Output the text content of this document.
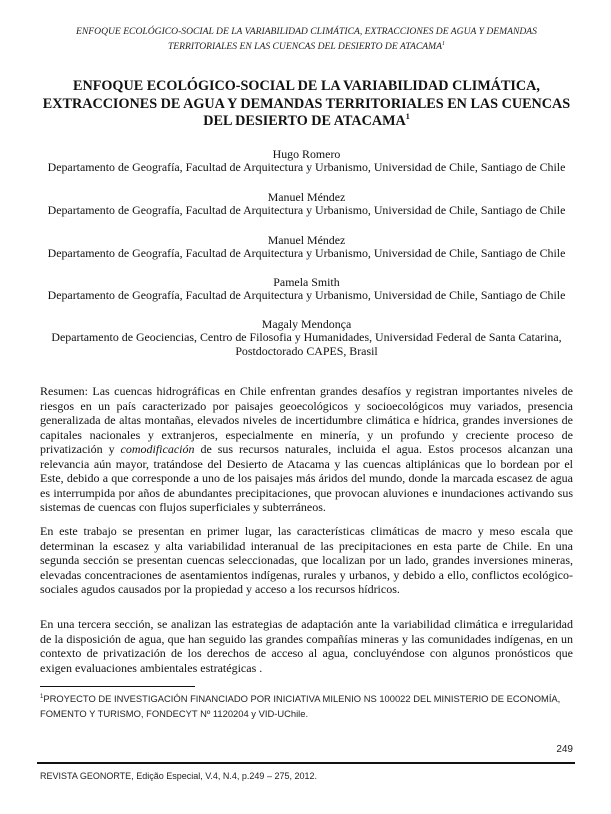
ENFOQUE ECOLÓGICO-SOCIAL DE LA VARIABILIDAD CLIMÁTICA, EXTRACCIONES DE AGUA Y DEMANDAS
TERRITORIALES EN LAS CUENCAS DEL DESIERTO DE ATACAMA$^1$
ENFOQUE ECOLÓGICO-SOCIAL DE LA VARIABILIDAD CLIMÁTICA, EXTRACCIONES DE AGUA Y DEMANDAS TERRITORIALES EN LAS CUENCAS DEL DESIERTO DE ATACAMA$^1$
Hugo Romero
Departamento de Geografía, Facultad de Arquitectura y Urbanismo, Universidad de Chile, Santiago de Chile
Manuel Méndez
Departamento de Geografía, Facultad de Arquitectura y Urbanismo, Universidad de Chile, Santiago de Chile
Manuel Méndez
Departamento de Geografía, Facultad de Arquitectura y Urbanismo, Universidad de Chile, Santiago de Chile
Pamela Smith
Departamento de Geografía, Facultad de Arquitectura y Urbanismo, Universidad de Chile, Santiago de Chile
Magaly Mendonça
Departamento de Geociencias, Centro de Filosofia y Humanidades, Universidad Federal de Santa Catarina,
Postdoctorado CAPES, Brasil

Resumen: Las cuencas hidrográficas en Chile enfrentan grandes desafíos y registran importantes niveles de riesgos en un país caracterizado por paisajes geoecológicos y socioecológicos muy variados, presencia generalizada de altas montañas, elevados niveles de incertidumbre climática e hídrica, grandes inversiones de capitales nacionales y extranjeros, especialmente en minería, y un profundo y creciente proceso de privatización y comodificación de sus recursos naturales, incluida el agua. Estos procesos alcanzan una relevancia aún mayor, tratándose del Desierto de Atacama y las cuencas altiplánicas que lo bordean por el Este, debido a que corresponde a uno de los paisajes más áridos del mundo, donde la marcada escasez de agua es interrumpida por años de abundantes precipitaciones, que provocan aluviones e inundaciones activando sus sistemas de cuencas con flujos superficiales y subterráneos.

En este trabajo se presentan en primer lugar, las características climáticas de macro y meso escala que determinan la escasez y alta variabilidad interanual de las precipitaciones en esta parte de Chile. En una segunda sección se presentan cuencas seleccionadas, que localizan por un lado, grandes inversiones mineras, elevadas concentraciones de asentamientos indígenas, rurales y urbanos, y debido a ello, conflictos ecológico-sociales agudos causados por la propiedad y acceso a los recursos hídricos.

En una tercera sección, se analizan las estrategias de adaptación ante la variabilidad climática e irregularidad de la disposición de agua, que han seguido las grandes compañías mineras y las comunidades indígenas, en un contexto de privatización de los derechos de acceso al agua, concluyéndose con algunos pronósticos que exigen evaluaciones ambientales estratégicas .

$^1$PROYECTO DE INVESTIGACIÓN FINANCIADO POR INICIATIVA MILENIO NS 100022 DEL MINISTERIO DE ECONOMÍA,
FOMENTO Y TURISMO, FONDECYT Nº 1120204 y VID-UChile.
249
REVISTA GEONORTE, Edição Especial, V.4, N.4, p.249 – 275, 2012.
